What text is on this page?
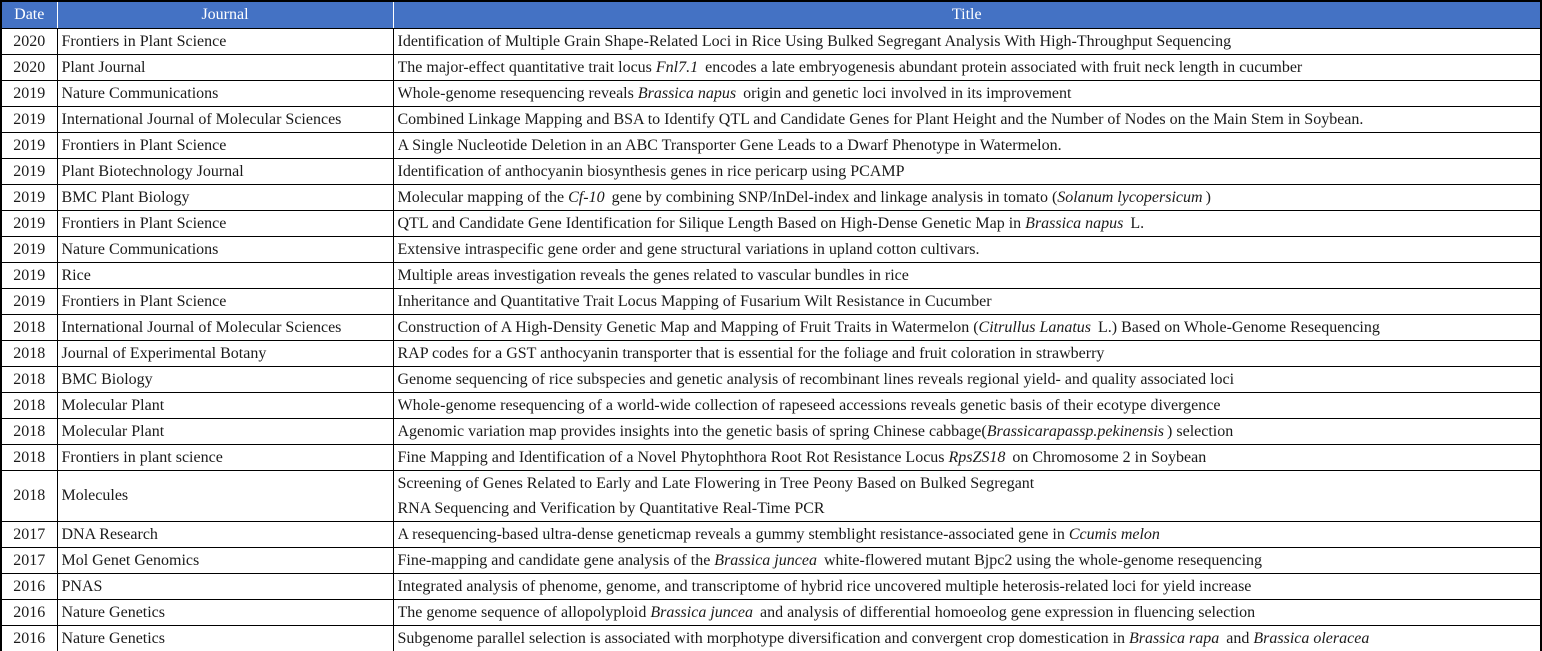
Date	Journal	Title
2020	Frontiers in Plant Science	Identification of Multiple Grain Shape-Related Loci in Rice Using Bulked Segregant Analysis With High-Throughput Sequencing

2020	Plant Journal	The major-effect quantitative trait locus Fnl7.1 encodes a late embryogenesis abundant protein associated with fruit neck length in cucumber

2019	Nature Communications	Whole-genome resequencing reveals Brassica napus origin and genetic loci involved in its improvement

2019	International Journal of Molecular Sciences	Combined Linkage Mapping and BSA to Identify QTL and Candidate Genes for Plant Height and the Number of Nodes on the Main Stem in Soybean.

2019	Frontiers in Plant Science	A Single Nucleotide Deletion in an ABC Transporter Gene Leads to a Dwarf Phenotype in Watermelon.

2019	Plant Biotechnology Journal	Identification of anthocyanin biosynthesis genes in rice pericarp using PCAMP

2019	BMC Plant Biology	Molecular mapping of the Cf-10 gene by combining SNP/InDel-index and linkage analysis in tomato (Solanum lycopersicum )

2019	Frontiers in Plant Science	QTL and Candidate Gene Identification for Silique Length Based on High-Dense Genetic Map in Brassica napus L.

2019	Nature Communications	Extensive intraspecific gene order and gene structural variations in upland cotton cultivars.

2019	Rice	Multiple areas investigation reveals the genes related to vascular bundles in rice

2019	Frontiers in Plant Science	Inheritance and Quantitative Trait Locus Mapping of Fusarium Wilt Resistance in Cucumber

2018	International Journal of Molecular Sciences	Construction of A High-Density Genetic Map and Mapping of Fruit Traits in Watermelon (Citrullus Lanatus L.) Based on Whole-Genome Resequencing

2018	Journal of Experimental Botany	RAP codes for a GST anthocyanin transporter that is essential for the foliage and fruit coloration in strawberry

2018	BMC Biology	Genome sequencing of rice subspecies and genetic analysis of recombinant lines reveals regional yield- and quality associated loci

2018	Molecular Plant	Whole-genome resequencing of a world-wide collection of rapeseed accessions reveals genetic basis of their ecotype divergence

2018	Molecular Plant	Agenomic variation map provides insights into the genetic basis of spring Chinese cabbage(Brassicarapassp.pekinensis ) selection

2018	Frontiers in plant science	Fine Mapping and Identification of a Novel Phytophthora Root Rot Resistance Locus RpsZS18 on Chromosome 2 in Soybean

2018	Molecules	Screening of Genes Related to Early and Late Flowering in Tree Peony Based on Bulked Segregant
RNA Sequencing and Verification by Quantitative Real-Time PCR

2017	DNA Research	A resequencing-based ultra-dense geneticmap reveals a gummy stemblight resistance-associated gene in Ccumis melon

2017	Mol Genet Genomics	Fine-mapping and candidate gene analysis of the Brassica juncea white-flowered mutant Bjpc2 using the whole-genome resequencing

2016	PNAS	Integrated analysis of phenome, genome, and transcriptome of hybrid rice uncovered multiple heterosis-related loci for yield increase

2016	Nature Genetics	The genome sequence of allopolyploid Brassica juncea and analysis of differential homoeolog gene expression in fluencing selection

2016	Nature Genetics	Subgenome parallel selection is associated with morphotype diversification and convergent crop domestication in Brassica rapa and Brassica oleracea
